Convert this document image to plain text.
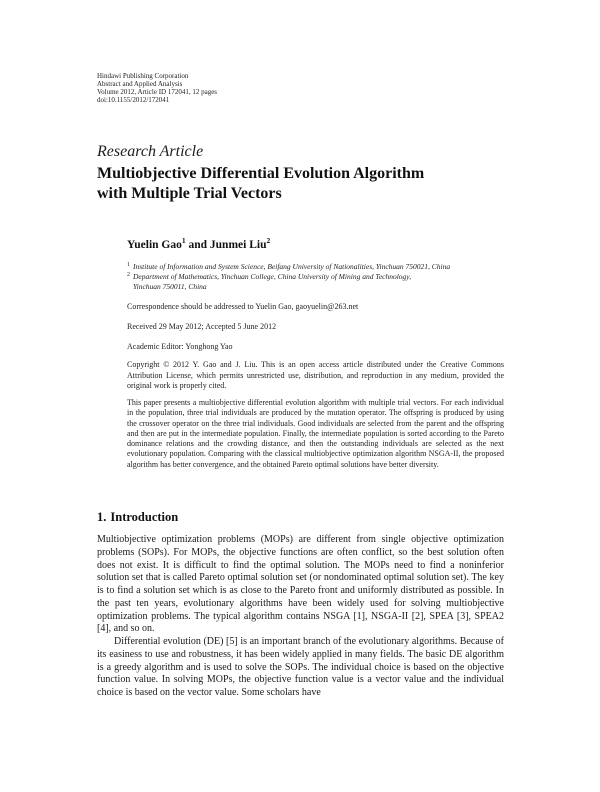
Hindawi Publishing Corporation
Abstract and Applied Analysis
Volume 2012, Article ID 172041, 12 pages
doi:10.1155/2012/172041
Research Article
Multiobjective Differential Evolution Algorithm
with Multiple Trial Vectors
Yuelin Gao$^1$ and Junmei Liu$^2$
1 Institute of Information and System Science, Beifang University of Nationalities, Yinchuan 750021, China
2 Department of Mathematics, Yinchuan College, China University of Mining and Technology,
Yinchuan 750011, China
Correspondence should be addressed to Yuelin Gao, gaoyuelin@263.net
Received 29 May 2012; Accepted 5 June 2012
Academic Editor: Yonghong Yao
Copyright © 2012 Y. Gao and J. Liu. This is an open access article distributed under the Creative Commons Attribution License, which permits unrestricted use, distribution, and reproduction in any medium, provided the original work is properly cited.
This paper presents a multiobjective differential evolution algorithm with multiple trial vectors. For each individual in the population, three trial individuals are produced by the mutation operator. The offspring is produced by using the crossover operator on the three trial individuals. Good individuals are selected from the parent and the offspring and then are put in the intermediate population. Finally, the intermediate population is sorted according to the Pareto dominance relations and the crowding distance, and then the outstanding individuals are selected as the next evolutionary population. Comparing with the classical multiobjective optimization algorithm NSGA-II, the proposed algorithm has better convergence, and the obtained Pareto optimal solutions have better diversity.
1. Introduction

Multiobjective optimization problems (MOPs) are different from single objective optimization problems (SOPs). For MOPs, the objective functions are often conflict, so the best solution often does not exist. It is difficult to find the optimal solution. The MOPs need to find a noninferior solution set that is called Pareto optimal solution set (or nondominated optimal solution set). The key is to find a solution set which is as close to the Pareto front and uniformly distributed as possible. In the past ten years, evolutionary algorithms have been widely used for solving multiobjective optimization problems. The typical algorithm contains NSGA [1], NSGA-II [2], SPEA [3], SPEA2 [4], and so on.

Differential evolution (DE) [5] is an important branch of the evolutionary algorithms. Because of its easiness to use and robustness, it has been widely applied in many fields. The basic DE algorithm is a greedy algorithm and is used to solve the SOPs. The individual choice is based on the objective function value. In solving MOPs, the objective function value is a vector value and the individual choice is based on the vector value. Some scholars have
